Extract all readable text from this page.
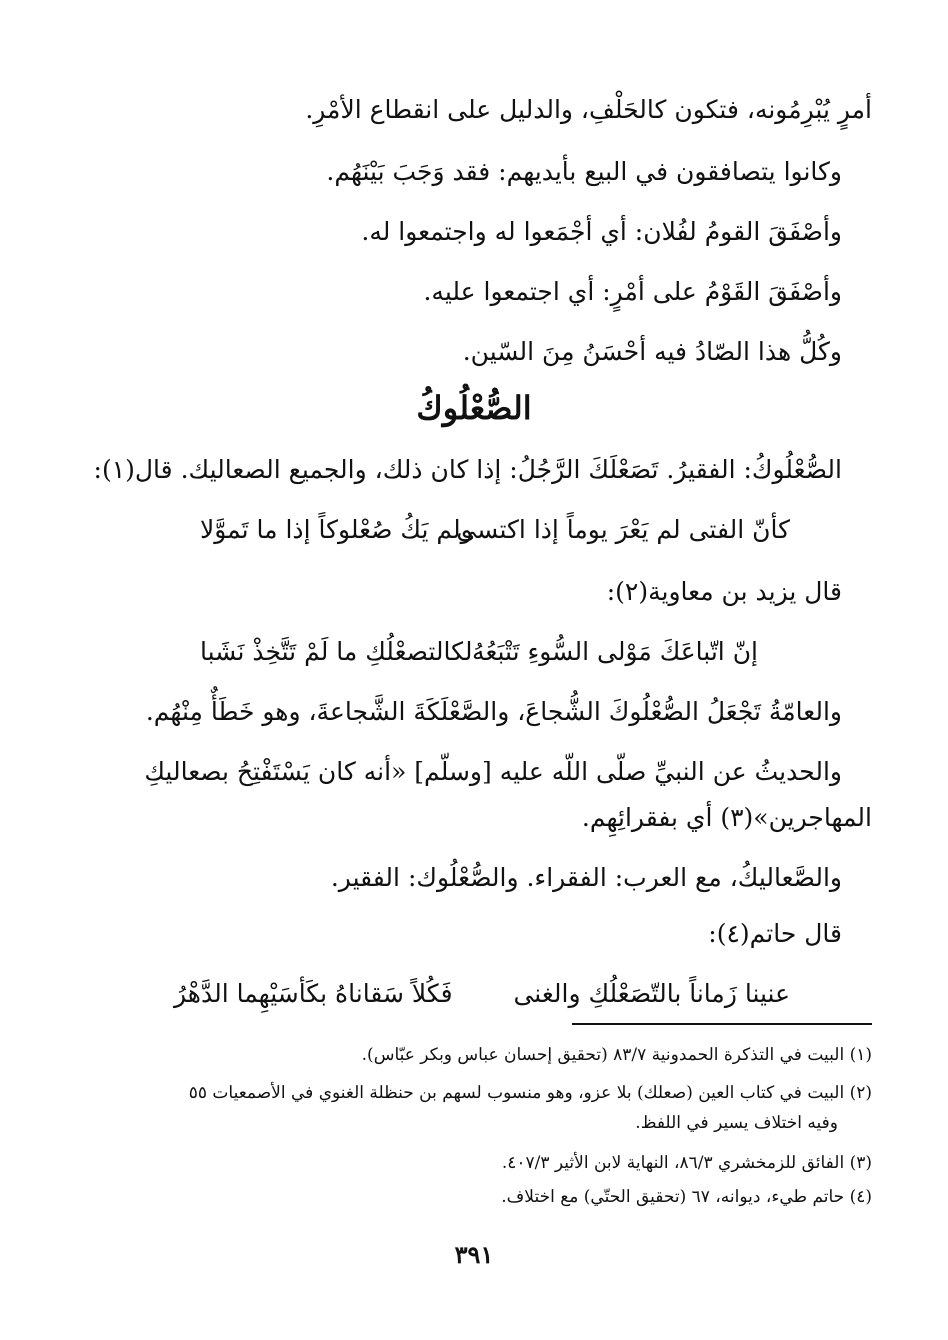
أمرٍ يُبْرِمُونه، فتكون كالحَلْفِ، والدليل على انقطاع الأمْرِ.
وكانوا يتصافقون في البيع بأيديهم: فقد وَجَبَ بَيْنَهُم.
وأصْفَقَ القومُ لفُلان: أي أجْمَعوا له واجتمعوا له.
وأصْفَقَ القَوْمُ على أمْرٍ: أي اجتمعوا عليه.
وكُلُّ هذا الصّادُ فيه أحْسَنُ مِنَ السّين.
الصُّعْلُوكُ
الصُّعْلُوكُ: الفقيرُ. تَصَعْلَكَ الرَّجُلُ: إذا كان ذلك، والجميع الصعاليك. قال(١):
كأنّ الفتى لم يَعْرَ يوماً إذا اكتسى
ولم يَكُ صُعْلوكاً إذا ما تَموَّلا
قال يزيد بن معاوية(٢):
إنّ اتّباعَكَ مَوْلى السُّوءِ تَتْبَعُهُ
لكالتصعْلُكِ ما لَمْ تَتَّخِذْ نَشَبا
والعامّةُ تَجْعَلُ الصُّعْلُوكَ الشُّجاعَ، والصَّعْلَكَةَ الشَّجاعةَ، وهو خَطَأٌ مِنْهُم.
والحديثُ عن النبيِّ صلّى اللّه عليه [وسلّم] «أنه كان يَسْتَفْتِحُ بصعاليكِ
المهاجرين»(٣) أي بفقرائِهِم.
والصَّعاليكُ، مع العرب: الفقراء. والصُّعْلُوك: الفقير.
قال حاتم(٤):
عنينا زَماناً بالتّصَعْلُكِ والغنى
فَكُلاً سَقاناهُ بكَأسَيْهِما الدَّهْرُ
(١) البيت في التذكرة الحمدونية ٨٣/٧ (تحقيق إحسان عباس وبكر عبّاس).
(٢) البيت في كتاب العين (صعلك) بلا عزو، وهو منسوب لسهم بن حنظلة الغنوي في الأصمعيات ٥٥
وفيه اختلاف يسير في اللفظ.
(٣) الفائق للزمخشري ٨٦/٣، النهاية لابن الأثير ٤٠٧/٣.
(٤) حاتم طيء، ديوانه، ٦٧ (تحقيق الحتّي) مع اختلاف.
٣٩١
